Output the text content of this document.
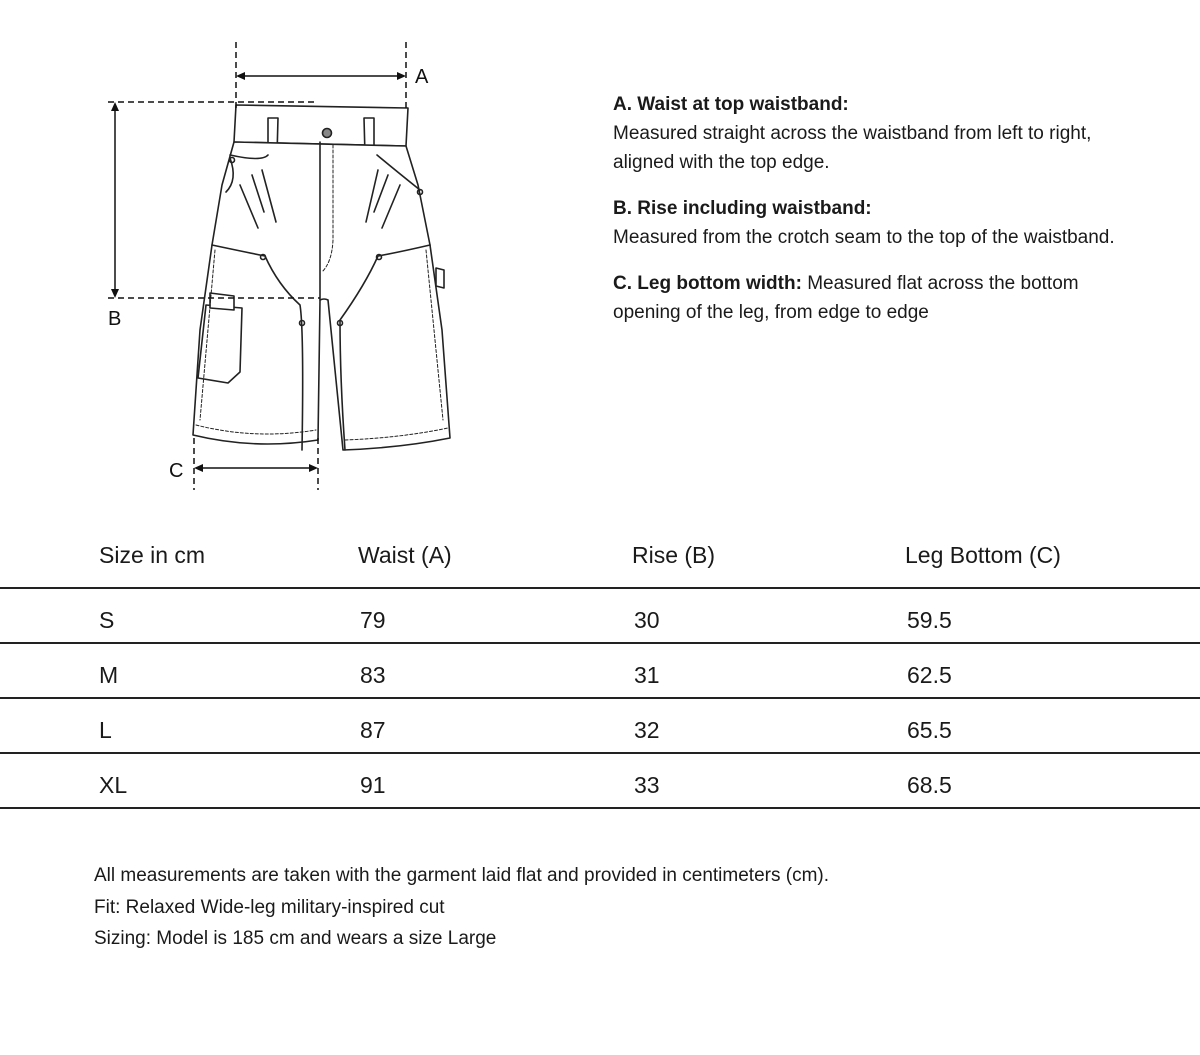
A
B
C
A. Waist at top waistband:
Measured straight across the waistband from left to right, aligned with the top edge.
B. Rise including waistband:
Measured from the crotch seam to the top of the waistband.
C. Leg bottom width: Measured flat across the bottom opening of the leg, from edge to edge
Size in cm	Waist (A)	Rise (B)	Leg Bottom (C)
S	79	30	59.5
M	83	31	62.5
L	87	32	65.5
XL	91	33	68.5
All measurements are taken with the garment laid flat and provided in centimeters (cm).
Fit: Relaxed Wide-leg military-inspired cut
Sizing: Model is 185 cm and wears a size Large
